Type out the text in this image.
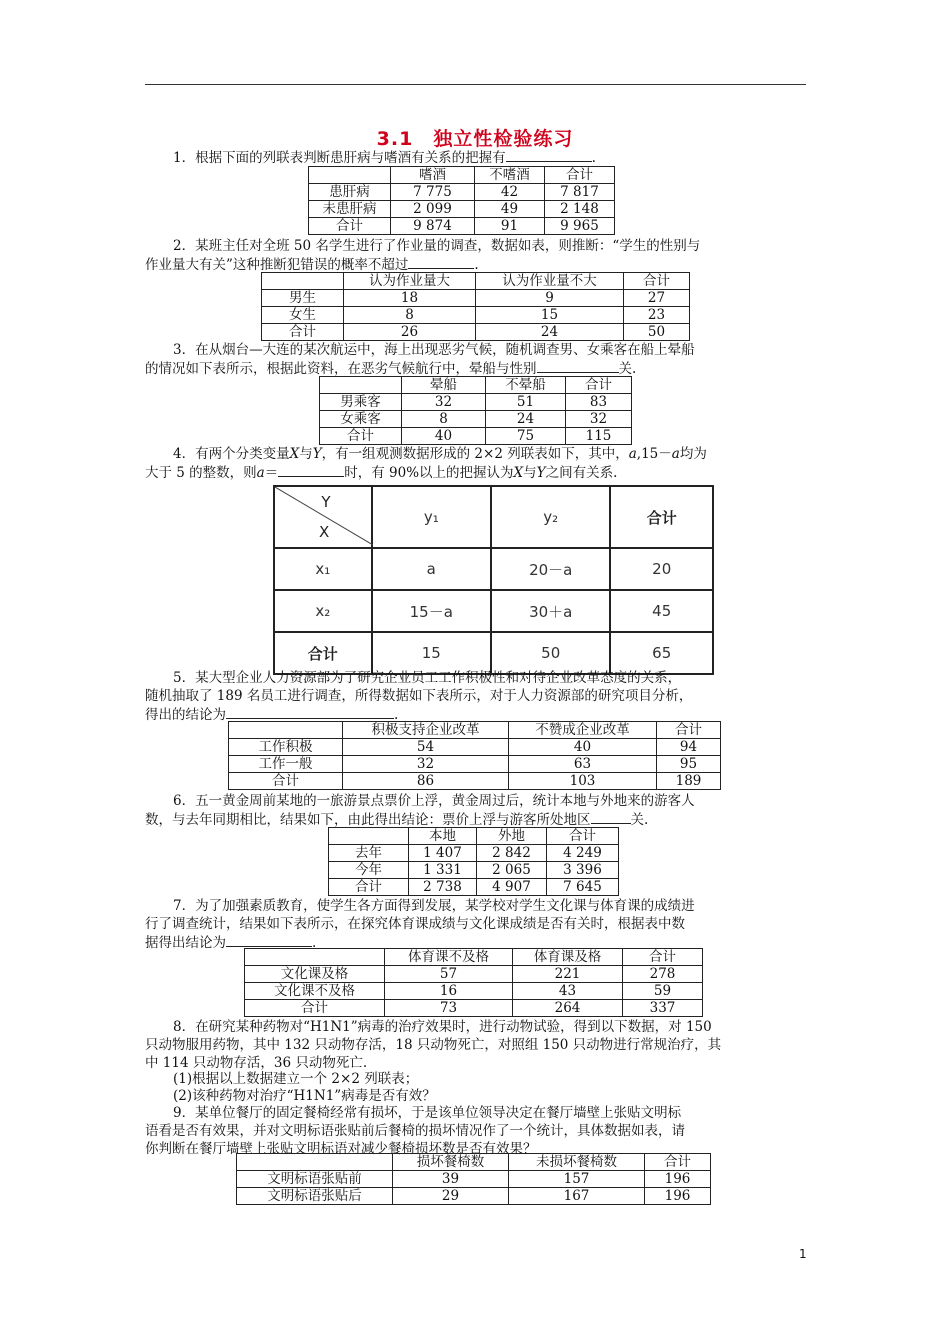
3.1　独立性检验练习

1．根据下面的列联表判断患肝病与嗜酒有关系的把握有	.

	嗜酒	不嗜酒	合计
患肝病	7 775	42	7 817
未患肝病	2 099	49	2 148
合计	9 874	91	9 965

2．某班主任对全班 50 名学生进行了作业量的调查，数据如表，则推断：“学生的性别与
作业量大有关”这种推断犯错误的概率不超过	.

	认为作业量大	认为作业量不大	合计
男生	18	9	27
女生	8	15	23
合计	26	24	50

3．在从烟台—大连的某次航运中，海上出现恶劣气候，随机调查男、女乘客在船上晕船
的情况如下表所示，根据此资料，在恶劣气候航行中，晕船与性别	关.

	晕船	不晕船	合计
男乘客	32	51	83
女乘客	8	24	32
合计	40	75	115

4．有两个分类变量X与Y，有一组观测数据形成的 2×2 列联表如下，其中，a,15－a均为
大于 5 的整数，则a＝	时，有 90%以上的把握认为X与Y之间有关系.

Y
X	y₁	y₂	合计
x₁	a	20－a	20
x₂	15－a	30＋a	45
合计	15	50	65

5．某大型企业人力资源部为了研究企业员工工作积极性和对待企业改革态度的关系，
随机抽取了 189 名员工进行调查，所得数据如下表所示，对于人力资源部的研究项目分析，
得出的结论为	.

	积极支持企业改革	不赞成企业改革	合计
工作积极	54	40	94
工作一般	32	63	95
合计	86	103	189

6．五一黄金周前某地的一旅游景点票价上浮，黄金周过后，统计本地与外地来的游客人
数，与去年同期相比，结果如下，由此得出结论：票价上浮与游客所处地区	关.

	本地	外地	合计
去年	1 407	2 842	4 249
今年	1 331	2 065	3 396
合计	2 738	4 907	7 645

7．为了加强素质教育，使学生各方面得到发展，某学校对学生文化课与体育课的成绩进
行了调查统计，结果如下表所示，在探究体育课成绩与文化课成绩是否有关时，根据表中数
据得出结论为	.

	体育课不及格	体育课及格	合计
文化课及格	57	221	278
文化课不及格	16	43	59
合计	73	264	337

8．在研究某种药物对“H1N1”病毒的治疗效果时，进行动物试验，得到以下数据，对 150
只动物服用药物，其中 132 只动物存活，18 只动物死亡，对照组 150 只动物进行常规治疗，其
中 114 只动物存活，36 只动物死亡.

(1)根据以上数据建立一个 2×2 列联表；

(2)该种药物对治疗“H1N1”病毒是否有效？

9．某单位餐厅的固定餐椅经常有损坏，于是该单位领导决定在餐厅墙壁上张贴文明标
语看是否有效果，并对文明标语张贴前后餐椅的损坏情况作了一个统计，具体数据如表，请
你判断在餐厅墙壁上张贴文明标语对减少餐椅损坏数是否有效果？

	损坏餐椅数	未损坏餐椅数	合计
文明标语张贴前	39	157	196
文明标语张贴后	29	167	196
1
